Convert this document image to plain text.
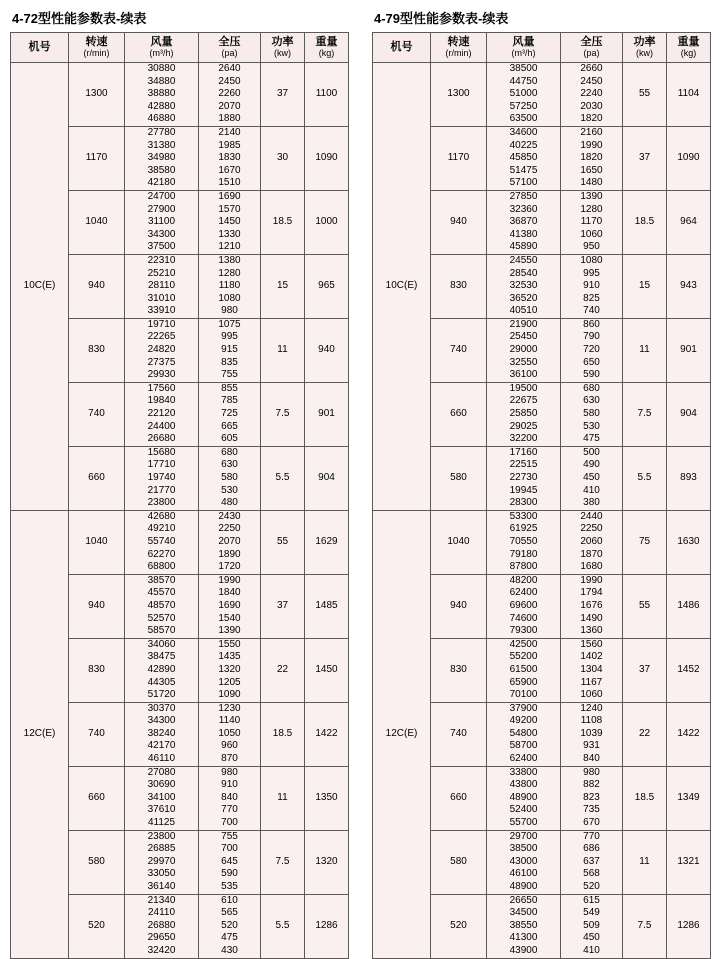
4-72型性能参数表-续表
机号	转速
(r/min)	风量
(m³/h)	全压
(pa)	功率
(kw)	重量
(kg)

10C(E)	1300	30880
34880
38880
42880
46880	2640
2450
2260
2070
1880	37	1100
	1170	27780
31380
34980
38580
42180	2140
1985
1830
1670
1510	30	1090
	1040	24700
27900
31100
34300
37500	1690
1570
1450
1330
1210	18.5	1000
	940	22310
25210
28110
31010
33910	1380
1280
1180
1080
980	15	965
	830	19710
22265
24820
27375
29930	1075
995
915
835
755	11	940
	740	17560
19840
22120
24400
26680	855
785
725
665
605	7.5	901
	660	15680
17710
19740
21770
23800	680
630
580
530
480	5.5	904
12C(E)	1040	42680
49210
55740
62270
68800	2430
2250
2070
1890
1720	55	1629
	940	38570
45570
48570
52570
58570	1990
1840
1690
1540
1390	37	1485
	830	34060
38475
42890
44305
51720	1550
1435
1320
1205
1090	22	1450
	740	30370
34300
38240
42170
46110	1230
1140
1050
960
870	18.5	1422
	660	27080
30690
34100
37610
41125	980
910
840
770
700	11	1350
	580	23800
26885
29970
33050
36140	755
700
645
590
535	7.5	1320
	520	21340
24110
26880
29650
32420	610
565
520
475
430	5.5	1286
4-79型性能参数表-续表
机号	转速
(r/min)	风量
(m³/h)	全压
(pa)	功率
(kw)	重量
(kg)

10C(E)	1300	38500
44750
51000
57250
63500	2660
2450
2240
2030
1820	55	1104
	1170	34600
40225
45850
51475
57100	2160
1990
1820
1650
1480	37	1090
	940	27850
32360
36870
41380
45890	1390
1280
1170
1060
950	18.5	964
	830	24550
28540
32530
36520
40510	1080
995
910
825
740	15	943
	740	21900
25450
29000
32550
36100	860
790
720
650
590	11	901
	660	19500
22675
25850
29025
32200	680
630
580
530
475	7.5	904
	580	17160
22515
22730
19945
28300	500
490
450
410
380	5.5	893
12C(E)	1040	53300
61925
70550
79180
87800	2440
2250
2060
1870
1680	75	1630
	940	48200
62400
69600
74600
79300	1990
1794
1676
1490
1360	55	1486
	830	42500
55200
61500
65900
70100	1560
1402
1304
1167
1060	37	1452
	740	37900
49200
54800
58700
62400	1240
1108
1039
931
840	22	1422
	660	33800
43800
48900
52400
55700	980
882
823
735
670	18.5	1349
	580	29700
38500
43000
46100
48900	770
686
637
568
520	11	1321
	520	26650
34500
38550
41300
43900	615
549
509
450
410	7.5	1286
